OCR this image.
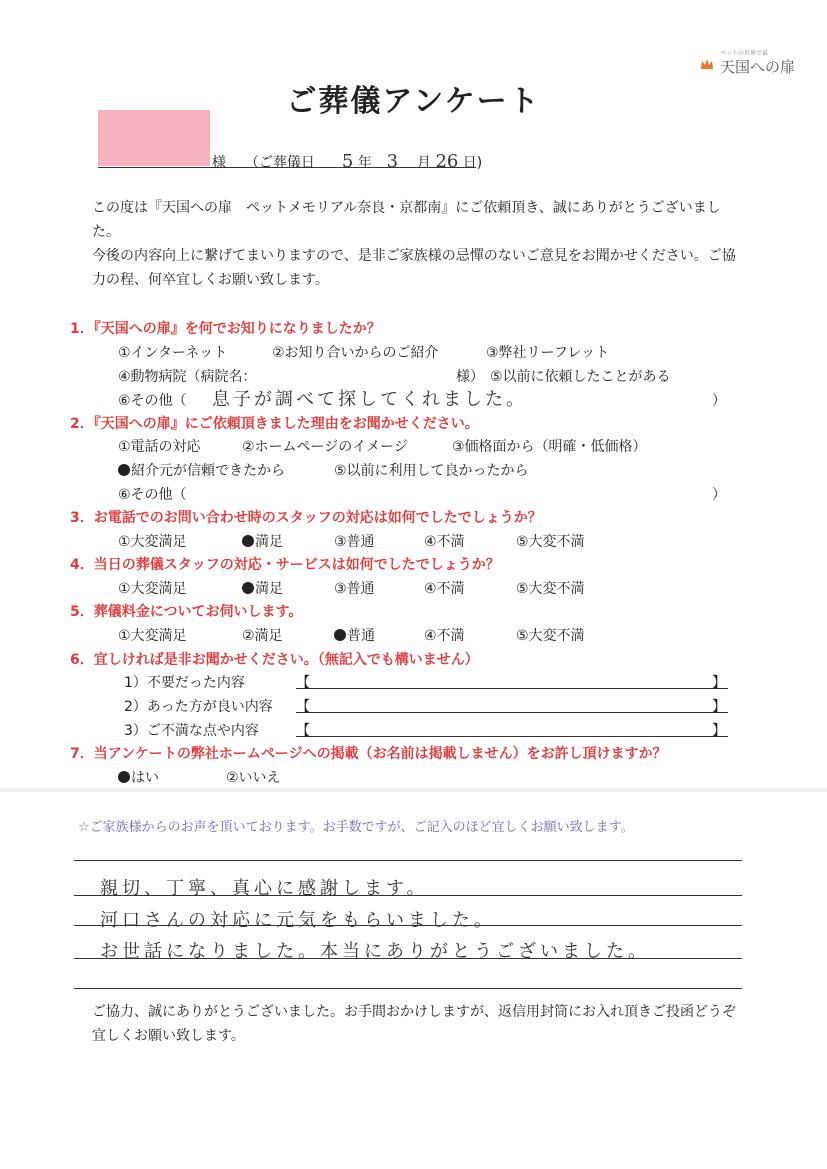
ペットの世界で最
天国への扉
ご葬儀アンケート
様 （ご葬儀日 5 年 3 月 26 日)
この度は『天国への扉　ペットメモリアル奈良・京都南』にご依頼頂き、誠にありがとうございました。
今後の内容向上に繋げてまいりますので、是非ご家族様の忌憚のないご意見をお聞かせください。ご協力の程、何卒宜しくお願い致します。
1．『天国への扉』を何でお知りになりましたか？
①インターネット	②お知り合いからのご紹介	③弊社リーフレット
④動物病院（病院名：	様） ⑤以前に依頼したことがある
⑥その他（ 息子が調べて探してくれました。	）
2．『天国への扉』にご依頼頂きました理由をお聞かせください。
①電話の対応	②ホームページのイメージ	③価格面から（明確・低価格）
紹介元が信頼できたから	⑤以前に利用して良かったから
⑥その他（	）
3．お電話でのお問い合わせ時のスタッフの対応は如何でしたでしょうか？
①大変満足	満足	③普通	④不満	⑤大変不満
4．当日の葬儀スタッフの対応・サービスは如何でしたでしょうか？
①大変満足	満足	③普通	④不満	⑤大変不満
5．葬儀料金についてお伺いします。
①大変満足	②満足	普通	④不満	⑤大変不満
6．宜しければ是非お聞かせください。（無記入でも構いません）
1）不要だった内容	【	】
2）あった方が良い内容 【	】
3）ご不満な点や内容	【	】
7．当アンケートの弊社ホームページへの掲載（お名前は掲載しません）をお許し頂けますか？
はい	②いいえ
☆ご家族様からのお声を頂いております。お手数ですが、ご記入のほど宜しくお願い致します。
親切、丁寧、真心に感謝します。
河口さんの対応に元気をもらいました。
お世話になりました。本当にありがとうございました。
ご協力、誠にありがとうございました。お手間おかけしますが、返信用封筒にお入れ頂きご投函どうぞ宜しくお願い致します。
